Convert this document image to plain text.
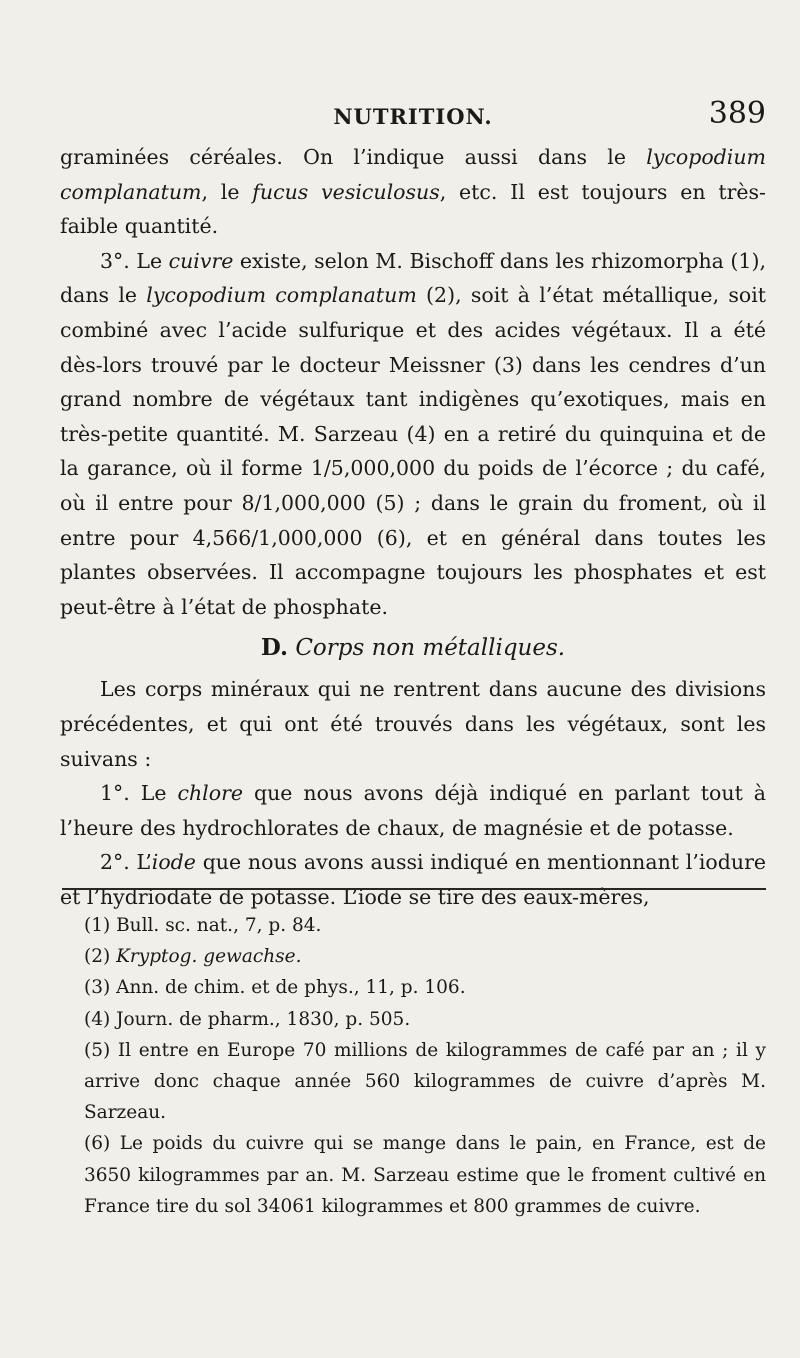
NUTRITION.	389

graminées céréales. On l’indique aussi dans le lycopodium complanatum, le fucus vesiculosus, etc. Il est toujours en très-faible quantité.

3°. Le cuivre existe, selon M. Bischoff dans les rhizomorpha (1), dans le lycopodium complanatum (2), soit à l’état métallique, soit combiné avec l’acide sulfurique et des acides végétaux. Il a été dès-lors trouvé par le docteur Meissner (3) dans les cendres d’un grand nombre de végétaux tant indigènes qu’exotiques, mais en très-petite quantité. M. Sarzeau (4) en a retiré du quinquina et de la garance, où il forme 1/5,000,000 du poids de l’écorce ; du café, où il entre pour 8/1,000,000 (5) ; dans le grain du froment, où il entre pour 4,566/1,000,000 (6), et en général dans toutes les plantes observées. Il accompagne toujours les phosphates et est peut-être à l’état de phosphate.

D. Corps non métalliques.

Les corps minéraux qui ne rentrent dans aucune des divisions précédentes, et qui ont été trouvés dans les végétaux, sont les suivans :

1°. Le chlore que nous avons déjà indiqué en parlant tout à l’heure des hydrochlorates de chaux, de magnésie et de potasse.

2°. L’iode que nous avons aussi indiqué en mentionnant l’iodure et l’hydriodate de potasse. L’iode se tire des eaux-mères,

(1) Bull. sc. nat., 7, p. 84.

(2) Kryptog. gewachse.

(3) Ann. de chim. et de phys., 11, p. 106.

(4) Journ. de pharm., 1830, p. 505.

(5) Il entre en Europe 70 millions de kilogrammes de café par an ; il y arrive donc chaque année 560 kilogrammes de cuivre d’après M. Sarzeau.

(6) Le poids du cuivre qui se mange dans le pain, en France, est de 3650 kilogrammes par an. M. Sarzeau estime que le froment cultivé en France tire du sol 34061 kilogrammes et 800 grammes de cuivre.
